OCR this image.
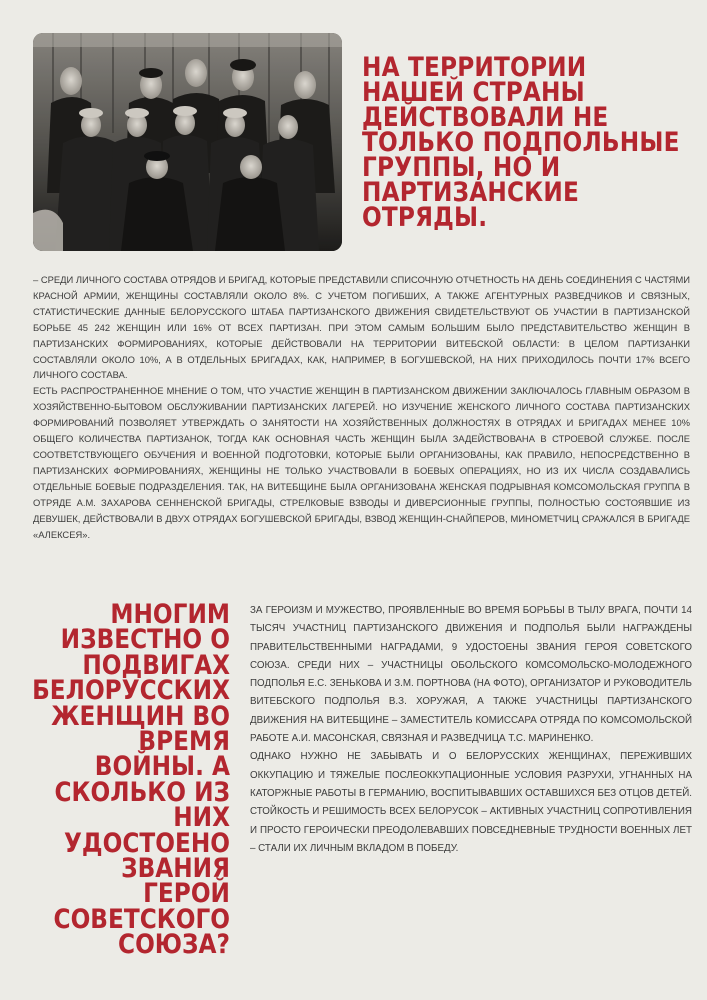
НА ТЕРРИТОРИИ
НАШЕЙ СТРАНЫ
ДЕЙСТВОВАЛИ НЕ
ТОЛЬКО ПОДПОЛЬНЫЕ
ГРУППЫ, НО И
ПАРТИЗАНСКИЕ
ОТРЯДЫ.

– СРЕДИ ЛИЧНОГО СОСТАВА ОТРЯДОВ И БРИГАД, КОТОРЫЕ ПРЕДСТАВИЛИ СПИСОЧНУЮ ОТЧЕТНОСТЬ НА ДЕНЬ СОЕДИНЕНИЯ С ЧАСТЯМИ КРАСНОЙ АРМИИ, ЖЕНЩИНЫ СОСТАВЛЯЛИ ОКОЛО 8%. С УЧЕТОМ ПОГИБШИХ, А ТАКЖЕ АГЕНТУРНЫХ РАЗВЕДЧИКОВ И СВЯЗНЫХ, СТАТИСТИЧЕСКИЕ ДАННЫЕ БЕЛОРУССКОГО ШТАБА ПАРТИЗАНСКОГО ДВИЖЕНИЯ СВИДЕТЕЛЬСТВУЮТ ОБ УЧАСТИИ В ПАРТИЗАНСКОЙ БОРЬБЕ 45 242 ЖЕНЩИН ИЛИ 16% ОТ ВСЕХ ПАРТИЗАН. ПРИ ЭТОМ САМЫМ БОЛЬШИМ БЫЛО ПРЕДСТАВИТЕЛЬСТВО ЖЕНЩИН В ПАРТИЗАНСКИХ ФОРМИРОВАНИЯХ, КОТОРЫЕ ДЕЙСТВОВАЛИ НА ТЕРРИТОРИИ ВИТЕБСКОЙ ОБЛАСТИ: В ЦЕЛОМ ПАРТИЗАНКИ СОСТАВЛЯЛИ ОКОЛО 10%, А В ОТДЕЛЬНЫХ БРИГАДАХ, КАК, НАПРИМЕР, В БОГУШЕВСКОЙ, НА НИХ ПРИХОДИЛОСЬ ПОЧТИ 17% ВСЕГО ЛИЧНОГО СОСТАВА.

ЕСТЬ РАСПРОСТРАНЕННОЕ МНЕНИЕ О ТОМ, ЧТО УЧАСТИЕ ЖЕНЩИН В ПАРТИЗАНСКОМ ДВИЖЕНИИ ЗАКЛЮЧАЛОСЬ ГЛАВНЫМ ОБРАЗОМ В ХОЗЯЙСТВЕННО-БЫТОВОМ ОБСЛУЖИВАНИИ ПАРТИЗАНСКИХ ЛАГЕРЕЙ. НО ИЗУЧЕНИЕ ЖЕНСКОГО ЛИЧНОГО СОСТАВА ПАРТИЗАНСКИХ ФОРМИРОВАНИЙ ПОЗВОЛЯЕТ УТВЕРЖДАТЬ О ЗАНЯТОСТИ НА ХОЗЯЙСТВЕННЫХ ДОЛЖНОСТЯХ В ОТРЯДАХ И БРИГАДАХ МЕНЕЕ 10% ОБЩЕГО КОЛИЧЕСТВА ПАРТИЗАНОК, ТОГДА КАК ОСНОВНАЯ ЧАСТЬ ЖЕНЩИН БЫЛА ЗАДЕЙСТВОВАНА В СТРОЕВОЙ СЛУЖБЕ. ПОСЛЕ СООТВЕТСТВУЮЩЕГО ОБУЧЕНИЯ И ВОЕННОЙ ПОДГОТОВКИ, КОТОРЫЕ БЫЛИ ОРГАНИЗОВАНЫ, КАК ПРАВИЛО, НЕПОСРЕДСТВЕННО В ПАРТИЗАНСКИХ ФОРМИРОВАНИЯХ, ЖЕНЩИНЫ НЕ ТОЛЬКО УЧАСТВОВАЛИ В БОЕВЫХ ОПЕРАЦИЯХ, НО ИЗ ИХ ЧИСЛА СОЗДАВАЛИСЬ ОТДЕЛЬНЫЕ БОЕВЫЕ ПОДРАЗДЕЛЕНИЯ. ТАК, НА ВИТЕБЩИНЕ БЫЛА ОРГАНИЗОВАНА ЖЕНСКАЯ ПОДРЫВНАЯ КОМСОМОЛЬСКАЯ ГРУППА В ОТРЯДЕ А.М. ЗАХАРОВА СЕННЕНСКОЙ БРИГАДЫ, СТРЕЛКОВЫЕ ВЗВОДЫ И ДИВЕРСИОННЫЕ ГРУППЫ, ПОЛНОСТЬЮ СОСТОЯВШИЕ ИЗ ДЕВУШЕК, ДЕЙСТВОВАЛИ В ДВУХ ОТРЯДАХ БОГУШЕВСКОЙ БРИГАДЫ, ВЗВОД ЖЕНЩИН-СНАЙПЕРОВ, МИНОМЕТЧИЦ СРАЖАЛСЯ В БРИГАДЕ «АЛЕКСЕЯ».

МНОГИМ
ИЗВЕСТНО О
ПОДВИГАХ
БЕЛОРУССКИХ
ЖЕНЩИН ВО
ВРЕМЯ
ВОЙНЫ. А
СКОЛЬКО ИЗ
НИХ
УДОСТОЕНО
ЗВАНИЯ
ГЕРОЙ
СОВЕТСКОГО
СОЮЗА?

ЗА ГЕРОИЗМ И МУЖЕСТВО, ПРОЯВЛЕННЫЕ ВО ВРЕМЯ БОРЬБЫ В ТЫЛУ ВРАГА, ПОЧТИ 14 ТЫСЯЧ УЧАСТНИЦ ПАРТИЗАНСКОГО ДВИЖЕНИЯ И ПОДПОЛЬЯ БЫЛИ НАГРАЖДЕНЫ ПРАВИТЕЛЬСТВЕННЫМИ НАГРАДАМИ, 9 УДОСТОЕНЫ ЗВАНИЯ ГЕРОЯ СОВЕТСКОГО СОЮЗА. СРЕДИ НИХ – УЧАСТНИЦЫ ОБОЛЬСКОГО КОМСОМОЛЬСКО-МОЛОДЕЖНОГО ПОДПОЛЬЯ Е.С. ЗЕНЬКОВА И З.М. ПОРТНОВА (НА ФОТО), ОРГАНИЗАТОР И РУКОВОДИТЕЛЬ ВИТЕБСКОГО ПОДПОЛЬЯ В.З. ХОРУЖАЯ, А ТАКЖЕ УЧАСТНИЦЫ ПАРТИЗАНСКОГО ДВИЖЕНИЯ НА ВИТЕБЩИНЕ – ЗАМЕСТИТЕЛЬ КОМИССАРА ОТРЯДА ПО КОМСОМОЛЬСКОЙ РАБОТЕ А.И. МАСОНСКАЯ, СВЯЗНАЯ И РАЗВЕДЧИЦА Т.С. МАРИНЕНКО.

ОДНАКО НУЖНО НЕ ЗАБЫВАТЬ И О БЕЛОРУССКИХ ЖЕНЩИНАХ, ПЕРЕЖИВШИХ ОККУПАЦИЮ И ТЯЖЕЛЫЕ ПОСЛЕОККУПАЦИОННЫЕ УСЛОВИЯ РАЗРУХИ, УГНАННЫХ НА КАТОРЖНЫЕ РАБОТЫ В ГЕРМАНИЮ, ВОСПИТЫВАВШИХ ОСТАВШИХСЯ БЕЗ ОТЦОВ ДЕТЕЙ. СТОЙКОСТЬ И РЕШИМОСТЬ ВСЕХ БЕЛОРУСОК – АКТИВНЫХ УЧАСТНИЦ СОПРОТИВЛЕНИЯ И ПРОСТО ГЕРОИЧЕСКИ ПРЕОДОЛЕВАВШИХ ПОВСЕДНЕВНЫЕ ТРУДНОСТИ ВОЕННЫХ ЛЕТ – СТАЛИ ИХ ЛИЧНЫМ ВКЛАДОМ В ПОБЕДУ.
